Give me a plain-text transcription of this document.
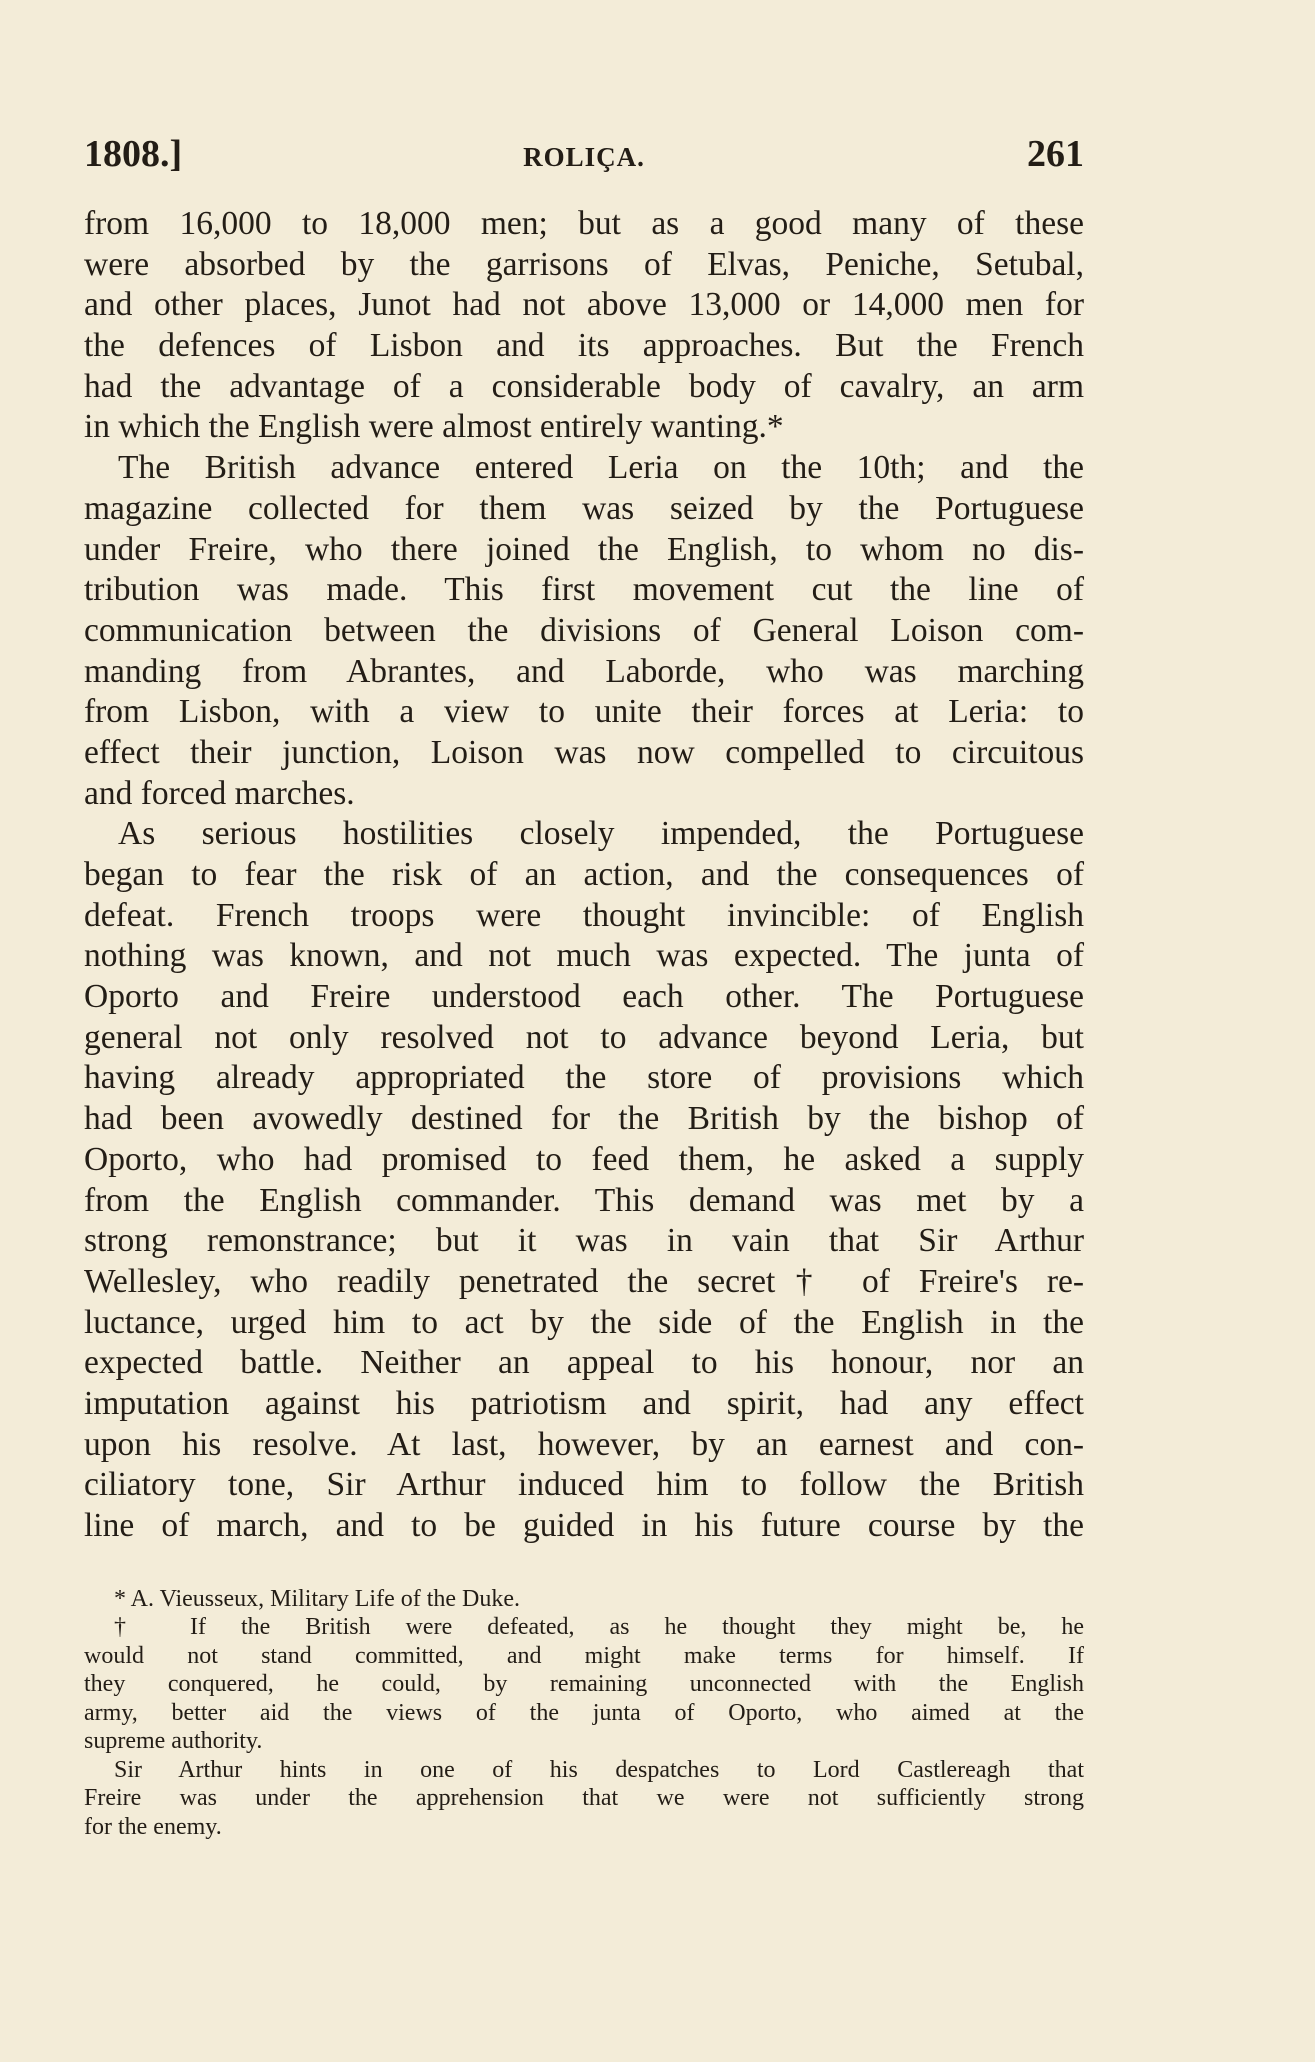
1808.]	ROLIÇA.	261
from 16,000 to 18,000 men; but as a good many of these
were absorbed by the garrisons of Elvas, Peniche, Setubal,
and other places, Junot had not above 13,000 or 14,000 men for
the defences of Lisbon and its approaches. But the French
had the advantage of a considerable body of cavalry, an arm
in which the English were almost entirely wanting.*
The British advance entered Leria on the 10th; and the
magazine collected for them was seized by the Portuguese
under Freire, who there joined the English, to whom no dis-
tribution was made. This first movement cut the line of
communication between the divisions of General Loison com-
manding from Abrantes, and Laborde, who was marching
from Lisbon, with a view to unite their forces at Leria: to
effect their junction, Loison was now compelled to circuitous
and forced marches.
As serious hostilities closely impended, the Portuguese
began to fear the risk of an action, and the consequences of
defeat. French troops were thought invincible: of English
nothing was known, and not much was expected. The junta of
Oporto and Freire understood each other. The Portuguese
general not only resolved not to advance beyond Leria, but
having already appropriated the store of provisions which
had been avowedly destined for the British by the bishop of
Oporto, who had promised to feed them, he asked a supply
from the English commander. This demand was met by a
strong remonstrance; but it was in vain that Sir Arthur
Wellesley, who readily penetrated the secret† of Freire's re-
luctance, urged him to act by the side of the English in the
expected battle. Neither an appeal to his honour, nor an
imputation against his patriotism and spirit, had any effect
upon his resolve. At last, however, by an earnest and con-
ciliatory tone, Sir Arthur induced him to follow the British
line of march, and to be guided in his future course by the
* A. Vieusseux, Military Life of the Duke.
† If the British were defeated, as he thought they might be, he
would not stand committed, and might make terms for himself. If
they conquered, he could, by remaining unconnected with the English
army, better aid the views of the junta of Oporto, who aimed at the
supreme authority.
Sir Arthur hints in one of his despatches to Lord Castlereagh that
Freire was under the apprehension that we were not sufficiently strong
for the enemy.
